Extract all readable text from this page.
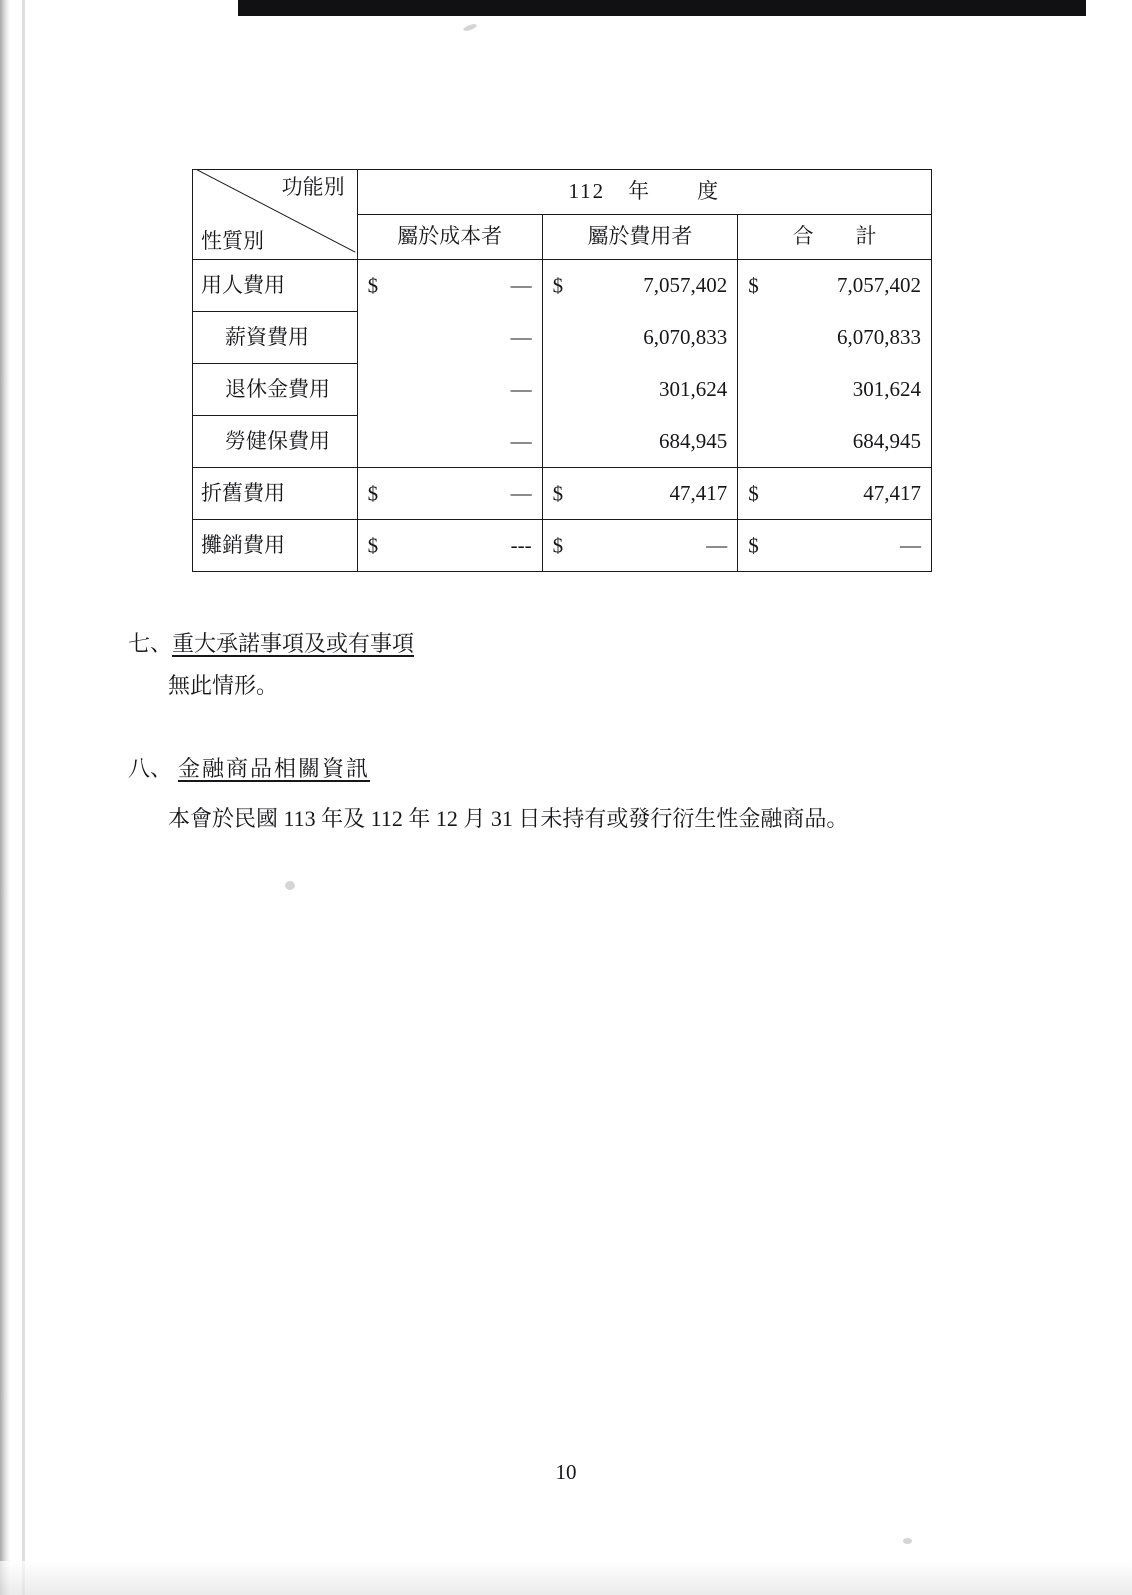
功能別
性質別	112　年　　度		
	屬於成本者	屬於費用者	合　　計
用人費用	$ —	$ 7,057,402	$ 7,057,402
薪資費用	—	6,070,833	6,070,833
退休金費用	—	301,624	301,624
勞健保費用	—	684,945	684,945
折舊費用	$ —	$ 47,417	$ 47,417
攤銷費用	$ ---	$ —	$ —
七、 重大承諾事項及或有事項
無此情形。
八、 金融商品相關資訊
本會於民國 113 年及 112 年 12 月 31 日未持有或發行衍生性金融商品。
10
